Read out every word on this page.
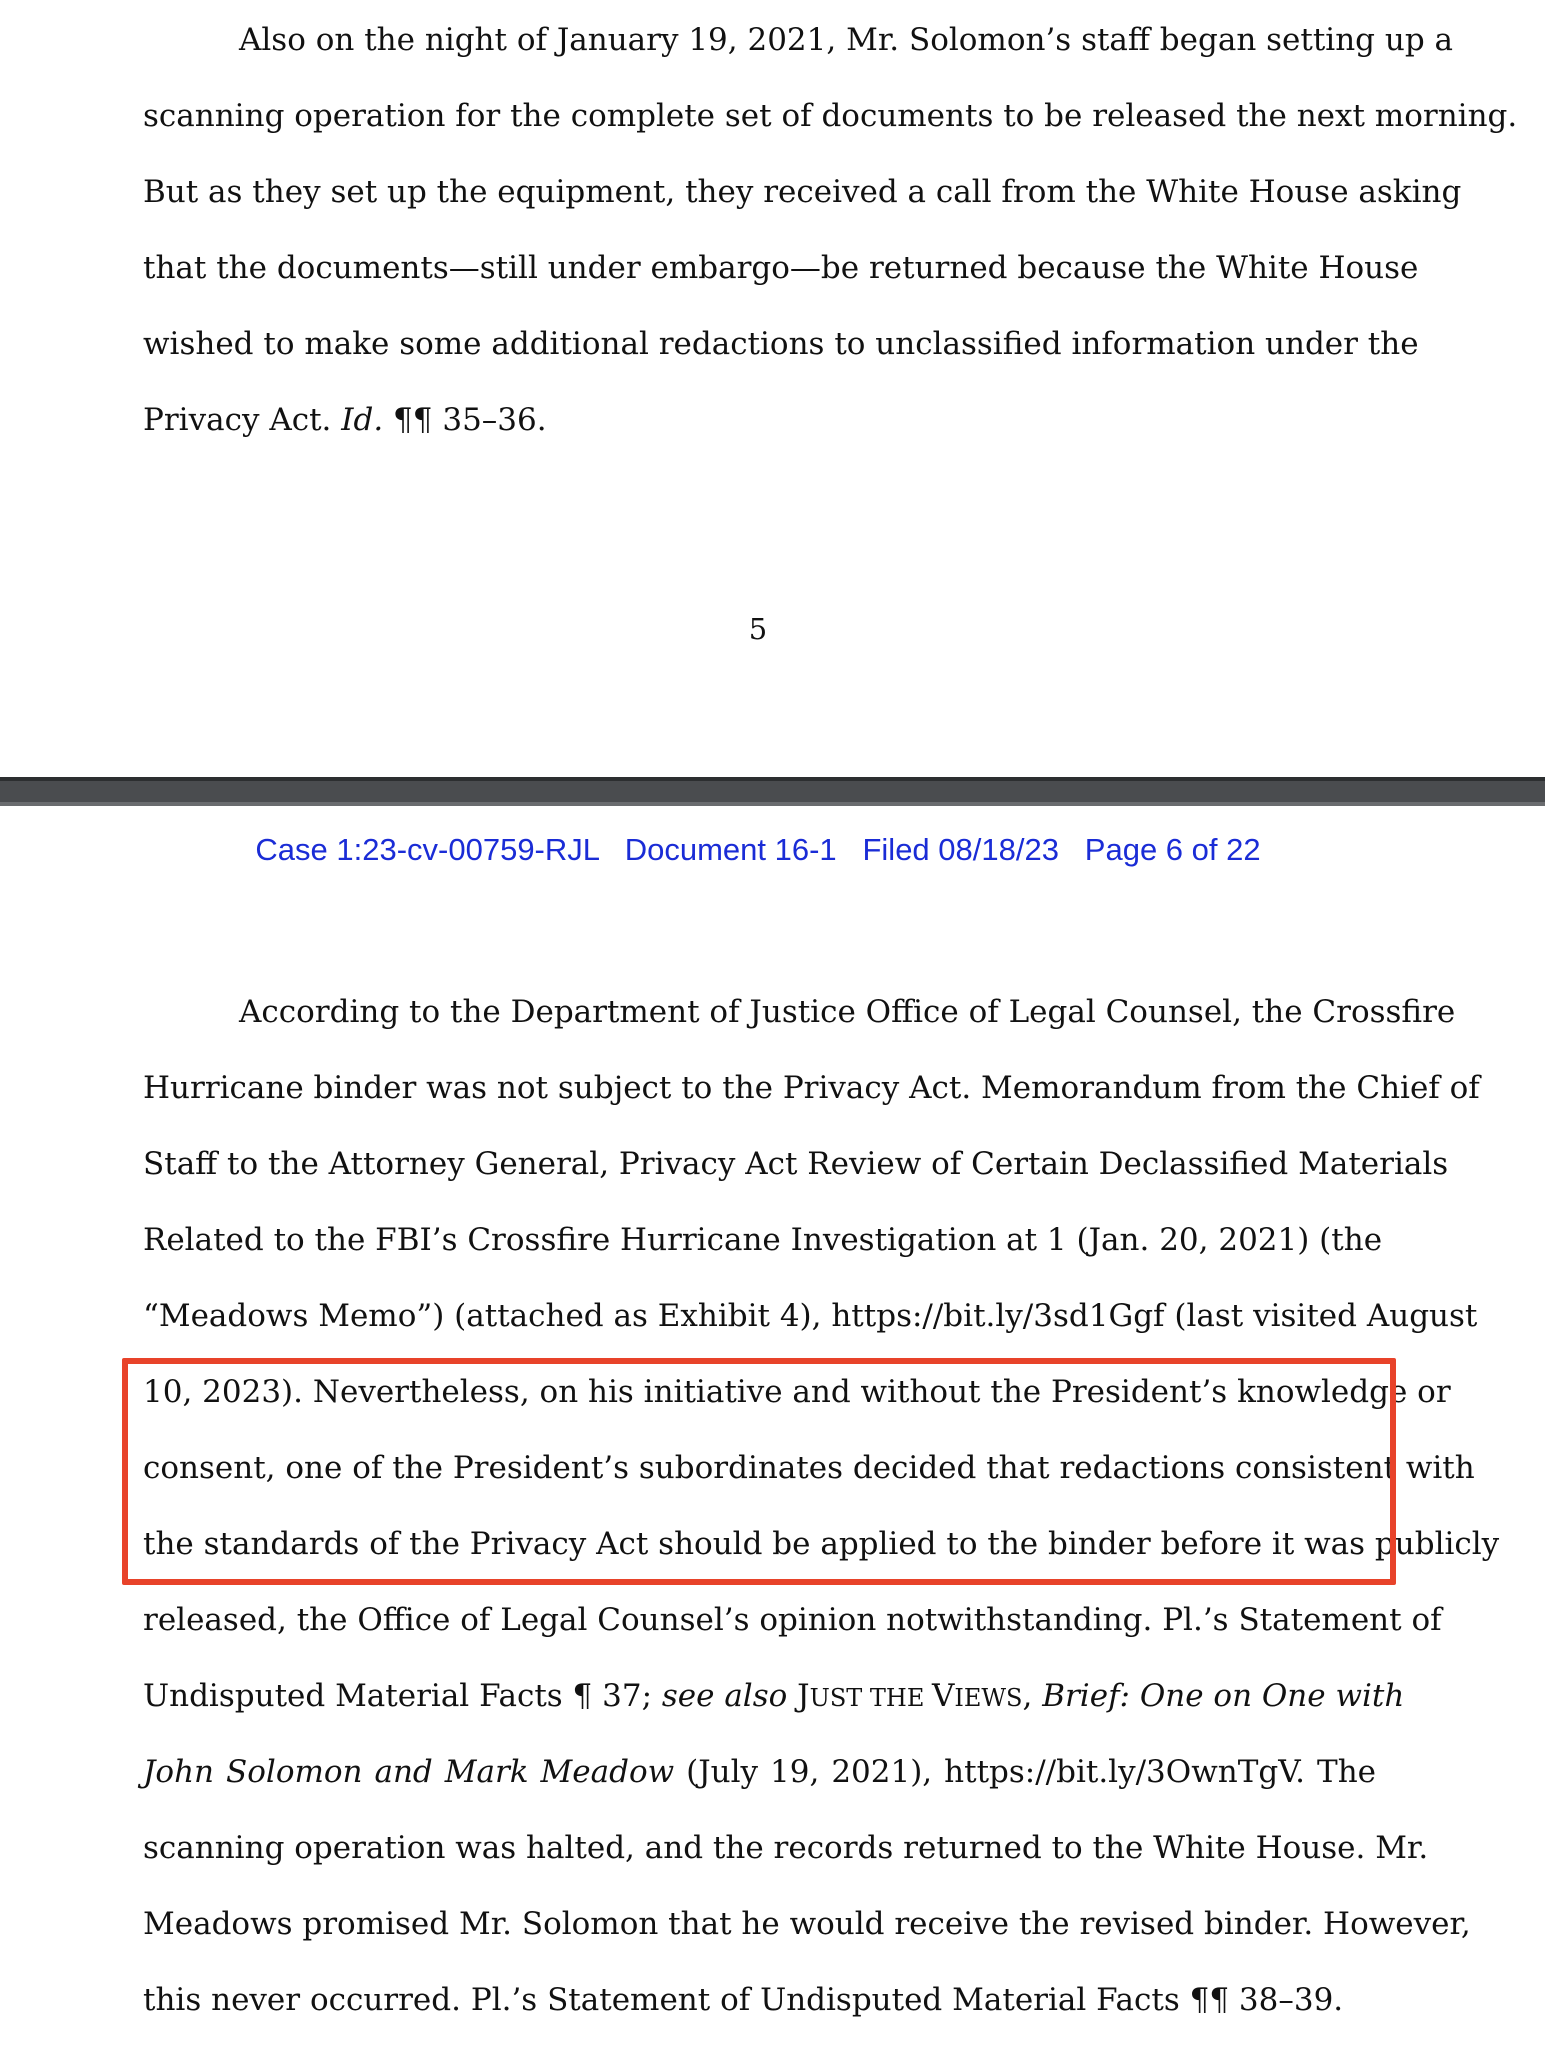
Also on the night of January 19, 2021, Mr. Solomon’s staff began setting up a
scanning operation for the complete set of documents to be released the next morning.
But as they set up the equipment, they received a call from the White House asking
that the documents—still under embargo—be returned because the White House
wished to make some additional redactions to unclassified information under the
Privacy Act. Id. ¶¶ 35–36.
5
Case 1:23-cv-00759-RJL   Document 16-1   Filed 08/18/23   Page 6 of 22
According to the Department of Justice Office of Legal Counsel, the Crossfire
Hurricane binder was not subject to the Privacy Act. Memorandum from the Chief of
Staff to the Attorney General, Privacy Act Review of Certain Declassified Materials
Related to the FBI’s Crossfire Hurricane Investigation at 1 (Jan. 20, 2021) (the
“Meadows Memo”) (attached as Exhibit 4), https://bit.ly/3sd1Ggf (last visited August
10, 2023). Nevertheless, on his initiative and without the President’s knowledge or
consent, one of the President’s subordinates decided that redactions consistent with
the standards of the Privacy Act should be applied to the binder before it was publicly
released, the Office of Legal Counsel’s opinion notwithstanding. Pl.’s Statement of
Undisputed Material Facts ¶ 37; see also JUST THE VIEWS, Brief: One on One with
John Solomon and Mark Meadow (July 19, 2021), https://bit.ly/3OwnTgV. The
scanning operation was halted, and the records returned to the White House. Mr.
Meadows promised Mr. Solomon that he would receive the revised binder. However,
this never occurred. Pl.’s Statement of Undisputed Material Facts ¶¶ 38–39.
